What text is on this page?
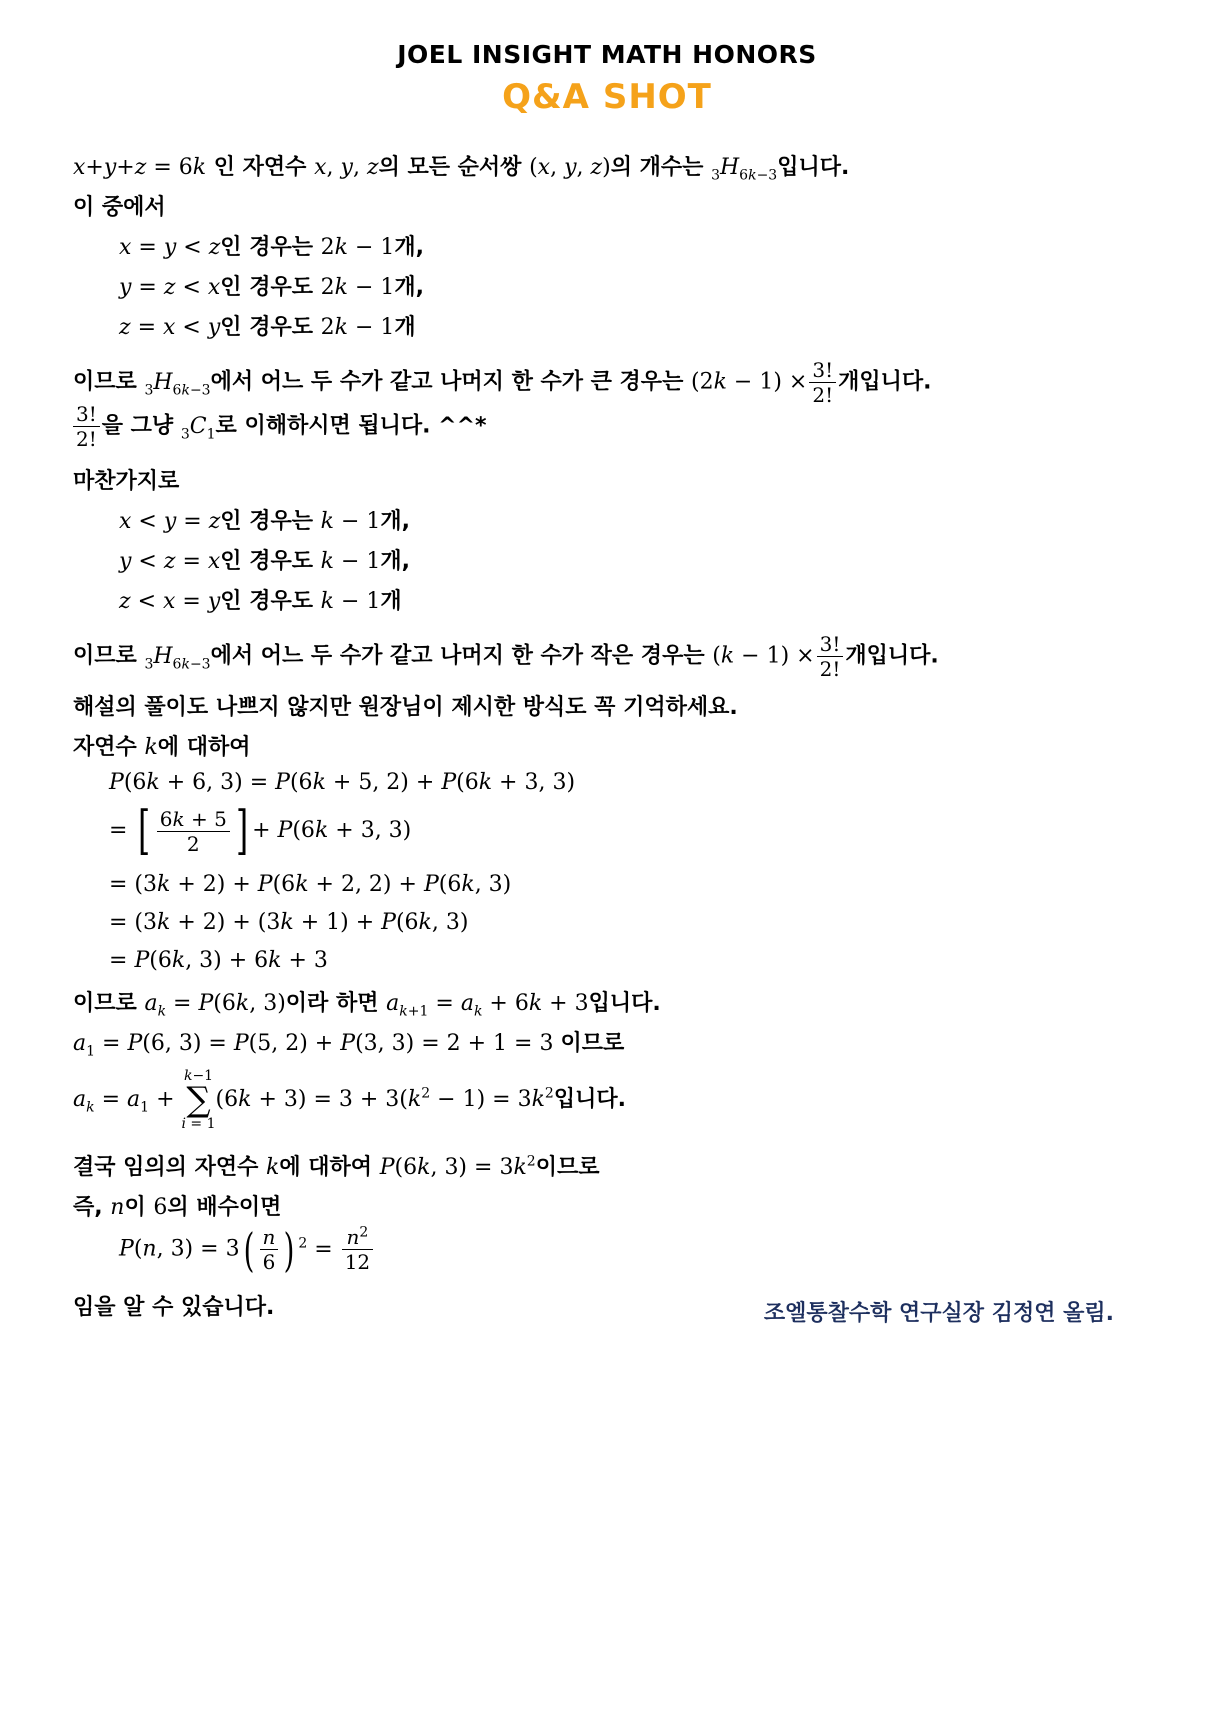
JOEL INSIGHT MATH HONORS
Q&A SHOT
x+y+z = 6k 인 자연수 x, y, z의 모든 순서쌍 (x, y, z)의 개수는 $_3H_{6k-3}$입니다.
이 중에서
x = y < z인 경우는 2k − 1개,
y = z < x인 경우도 2k − 1개,
z = x < y인 경우도 2k − 1개
이므로 $_3H_{6k-3}$에서 어느 두 수가 같고 나머지 한 수가 큰 경우는 $(2k - 1) \times \frac{3!}{2!}$ 개입니다.
$\frac{3!}{2!}$ 을 그냥 $_3C_1$로 이해하시면 됩니다. ^^*
마찬가지로
x < y = z인 경우는 k − 1개,
y < z = x인 경우도 k − 1개,
z < x = y인 경우도 k − 1개
이므로 $_3H_{6k-3}$에서 어느 두 수가 같고 나머지 한 수가 작은 경우는 $(k - 1) \times \frac{3!}{2!}$ 개입니다.
해설의 풀이도 나쁘지 않지만 원장님이 제시한 방식도 꼭 기억하세요.
자연수 k에 대하여
P(6k + 6, 3) = P(6k + 5, 2) + P(6k + 3, 3)
= [ $\frac{6k + 5}{2}$ ] + P(6k + 3, 3)
= (3k + 2) + P(6k + 2, 2) + P(6k, 3)
= (3k + 2) + (3k + 1) + P(6k, 3)
= P(6k, 3) + 6k + 3
이므로 $a_k = P(6k$, 3)이라 하면 $a_{k+1} = a_k + 6k + 3$입니다.
$a_1 = P(6$, 3) = P(5, 2) + P(3, 3) = 2 + 1 = 3 이므로
$a_k = a_1$ +
k−1
∑
i = 1
$(6k + 3) = 3 + 3(k^2 - 1) = 3k^2$입니다.
결국 임의의 자연수 k에 대하여 P(6k, $3) = 3k^2$이므로
즉, n이 6의 배수이면
P(n, $3) = 3( \frac{n}{6}$ ) $^2 = \frac{n^2}{12}$
임을 알 수 있습니다.	조엘통찰수학 연구실장 김정연 올림.
